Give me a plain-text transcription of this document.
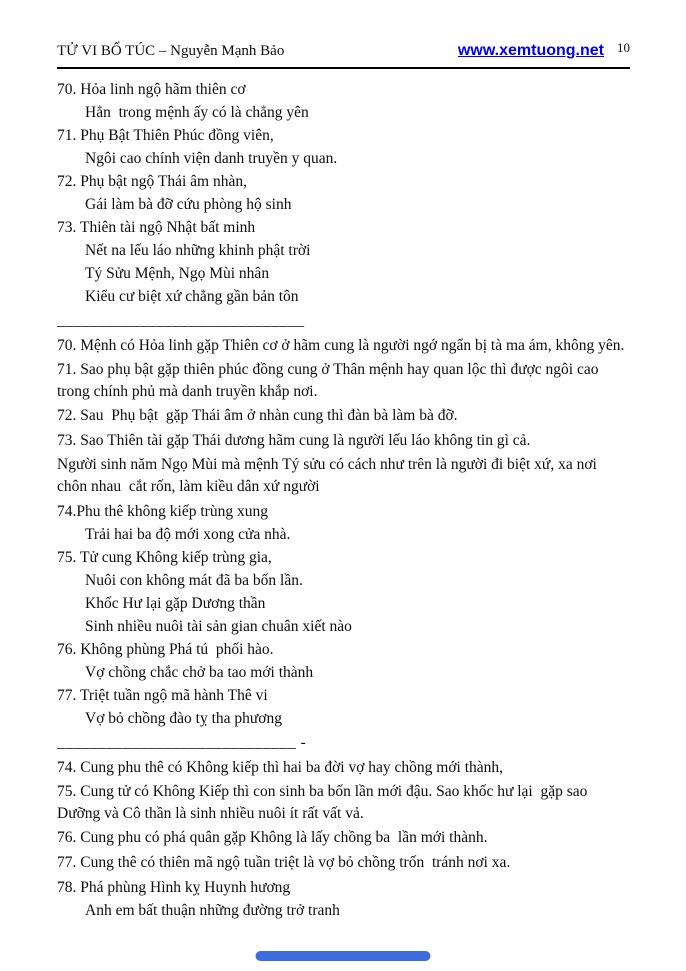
TỬ VI BỔ TÚC – Nguyễn Mạnh Bảo	www.xemtuong.net 10

70. Hỏa linh ngộ hãm thiên cơ

Hẳn  trong mệnh ấy có là chẳng yên

71. Phụ Bật Thiên Phúc đồng viên,

Ngôi cao chính viện danh truyền y quan.

72. Phụ bật ngộ Thái âm nhàn,

Gái làm bà đỡ cứu phòng hộ sinh

73. Thiên tài ngộ Nhật bất minh

Nết na lếu láo những khinh phật trời

Tý Sửu Mệnh, Ngọ Mùi nhân

Kiểu cư biệt xứ chẳng gần bản tôn

______________________________

70. Mệnh có Hỏa linh gặp Thiên cơ ở hãm cung là người ngớ ngẩn bị tà ma ám, không yên.

71. Sao phụ bật gặp thiên phúc đồng cung ở Thân mệnh hay quan lộc thì được ngôi cao trong chính phủ mà danh truyền khắp nơi.

72. Sau  Phụ bật  gặp Thái âm ở nhàn cung thì đàn bà làm bà đỡ.

73. Sao Thiên tài gặp Thái dương hãm cung là người lếu láo không tin gì cả.

Người sinh năm Ngọ Mùi mà mệnh Tý sửu có cách như trên là người đi biệt xứ, xa nơi chôn nhau  cắt rốn, làm kiều dân xứ người

74.Phu thê không kiếp trùng xung

Trải hai ba độ mới xong cửa nhà.

75. Tử cung Không kiếp trùng gia,

Nuôi con không mát đã ba bốn lần.

Khốc Hư lại gặp Dương thần

Sinh nhiều nuôi tài sản gian chuân xiết nào

76. Không phùng Phá tú  phối hào.

Vợ chồng chắc chở ba tao mới thành

77. Triệt tuần ngộ mã hành Thê vi

Vợ bỏ chồng đào tỵ tha phương

_____________________________ -

74. Cung phu thê có Không kiếp thì hai ba đời vợ hay chồng mới thành,

75. Cung tử có Không Kiếp thì con sinh ba bốn lần mới đậu. Sao khốc hư lại  gặp sao Dưỡng và Cô thần là sinh nhiều nuôi ít rất vất vả.

76. Cung phu có phá quân gặp Không là lấy chồng ba  lần mới thành.

77. Cung thê có thiên mã ngộ tuần triệt là vợ bỏ chồng trốn  tránh nơi xa.

78. Phá phùng Hình kỵ Huynh hương

Anh em bất thuận những đường trở tranh
